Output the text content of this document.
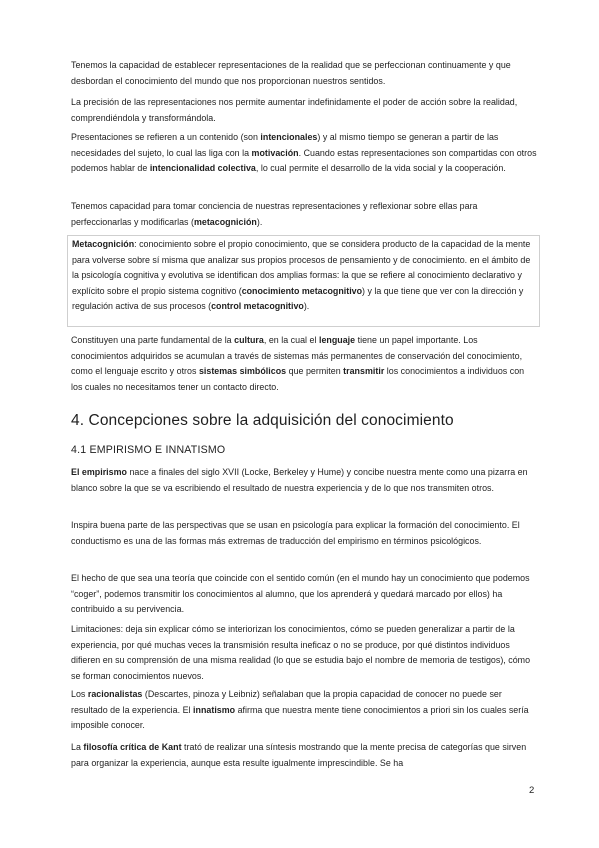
Tenemos la capacidad de establecer representaciones de la realidad que se perfeccionan continuamente y que desbordan el conocimiento del mundo que nos proporcionan nuestros sentidos.

La precisión de las representaciones nos permite aumentar indefinidamente el poder de acción sobre la realidad, comprendiéndola y transformándola.

Presentaciones se refieren a un contenido (son intencionales) y al mismo tiempo se generan a partir de las necesidades del sujeto, lo cual las liga con la motivación. Cuando estas representaciones son compartidas con otros podemos hablar de intencionalidad colectiva, lo cual permite el desarrollo de la vida social y la cooperación.

Tenemos capacidad para tomar conciencia de nuestras representaciones y reflexionar sobre ellas para perfeccionarlas y modificarlas (metacognición).

Metacognición: conocimiento sobre el propio conocimiento, que se considera producto de la capacidad de la mente para volverse sobre sí misma que analizar sus propios procesos de pensamiento y de conocimiento. en el ámbito de la psicología cognitiva y evolutiva se identifican dos amplias formas: la que se refiere al conocimiento declarativo y explícito sobre el propio sistema cognitivo (conocimiento metacognitivo) y la que tiene que ver con la dirección y regulación activa de sus procesos (control metacognitivo).

Constituyen una parte fundamental de la cultura, en la cual el lenguaje tiene un papel importante. Los conocimientos adquiridos se acumulan a través de sistemas más permanentes de conservación del conocimiento, como el lenguaje escrito y otros sistemas simbólicos que permiten transmitir los conocimientos a individuos con los cuales no necesitamos tener un contacto directo.

4. Concepciones sobre la adquisición del conocimiento
4.1 EMPIRISMO E INNATISMO

El empirismo nace a finales del siglo XVII (Locke, Berkeley y Hume) y concibe nuestra mente como una pizarra en blanco sobre la que se va escribiendo el resultado de nuestra experiencia y de lo que nos transmiten otros.

Inspira buena parte de las perspectivas que se usan en psicología para explicar la formación del conocimiento. El conductismo es una de las formas más extremas de traducción del empirismo en términos psicológicos.

El hecho de que sea una teoría que coincide con el sentido común (en el mundo hay un conocimiento que podemos “coger”, podemos transmitir los conocimientos al alumno, que los aprenderá y quedará marcado por ellos) ha contribuido a su pervivencia.

Limitaciones: deja sin explicar cómo se interiorizan los conocimientos, cómo se pueden generalizar a partir de la experiencia, por qué muchas veces la transmisión resulta ineficaz o no se produce, por qué distintos individuos difieren en su comprensión de una misma realidad (lo que se estudia bajo el nombre de memoria de testigos), cómo se forman conocimientos nuevos.

Los racionalistas (Descartes, pinoza y Leibniz) señalaban que la propia capacidad de conocer no puede ser resultado de la experiencia. El innatismo afirma que nuestra mente tiene conocimientos a priori sin los cuales sería imposible conocer.

La filosofía crítica de Kant trató de realizar una síntesis mostrando que la mente precisa de categorías que sirven para organizar la experiencia, aunque esta resulte igualmente imprescindible. Se ha

2
